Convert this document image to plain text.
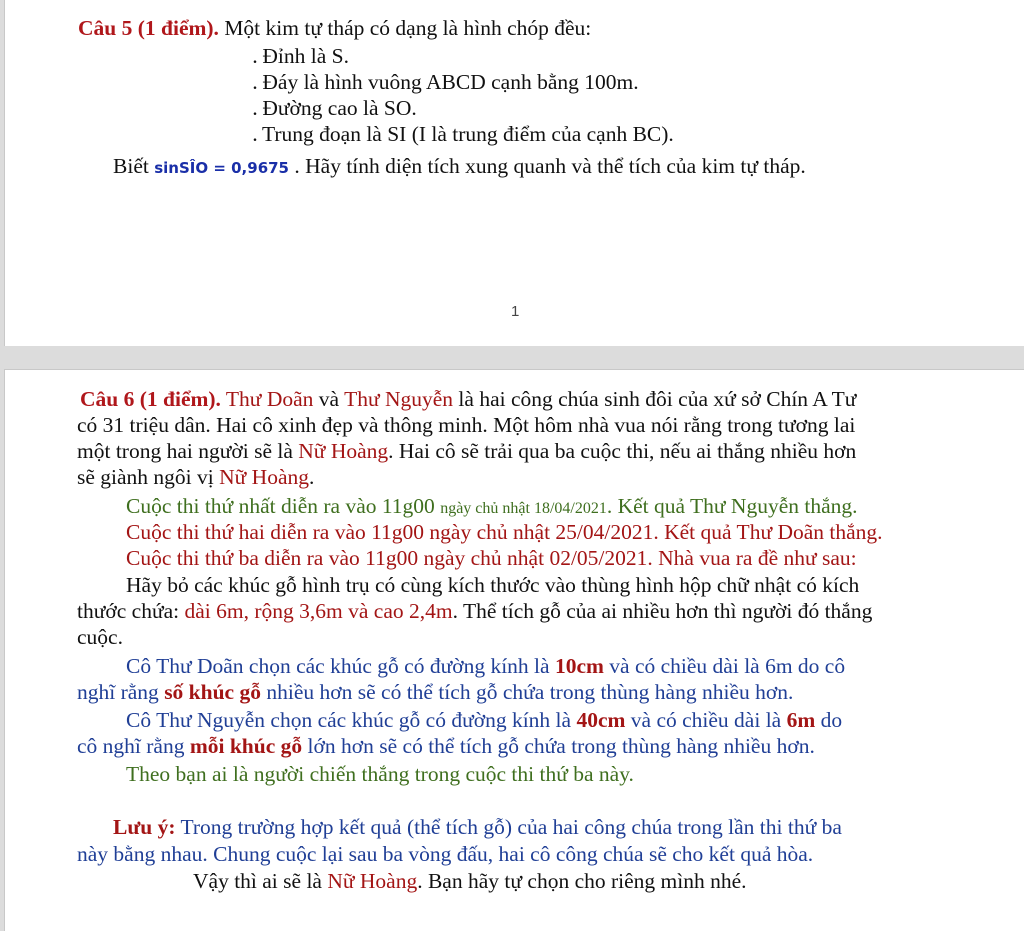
Câu 5 (1 điểm). Một kim tự tháp có dạng là hình chóp đều:
. Đỉnh là S.
. Đáy là hình vuông ABCD cạnh bằng 100m.
. Đường cao là SO.
. Trung đoạn là SI (I là trung điểm của cạnh BC).
Biết sinSÎO = 0,9675 . Hãy tính diện tích xung quanh và thể tích của kim tự tháp.
1
Câu 6 (1 điểm). Thư Doãn và Thư Nguyễn là hai công chúa sinh đôi của xứ sở Chín A Tư
có 31 triệu dân. Hai cô xinh đẹp và thông minh. Một hôm nhà vua nói rằng trong tương lai
một trong hai người sẽ là Nữ Hoàng. Hai cô sẽ trải qua ba cuộc thi, nếu ai thắng nhiều hơn
sẽ giành ngôi vị Nữ Hoàng.
Cuộc thi thứ nhất diễn ra vào 11g00 ngày chủ nhật 18/04/2021. Kết quả Thư Nguyễn thắng.
Cuộc thi thứ hai diễn ra vào 11g00 ngày chủ nhật 25/04/2021. Kết quả Thư Doãn thắng.
Cuộc thi thứ ba diễn ra vào 11g00 ngày chủ nhật 02/05/2021. Nhà vua ra đề như sau:
Hãy bỏ các khúc gỗ hình trụ có cùng kích thước vào thùng hình hộp chữ nhật có kích
thước chứa: dài 6m, rộng 3,6m và cao 2,4m. Thể tích gỗ của ai nhiều hơn thì người đó thắng
cuộc.
Cô Thư Doãn chọn các khúc gỗ có đường kính là 10cm và có chiều dài là 6m do cô
nghĩ rằng số khúc gỗ nhiều hơn sẽ có thể tích gỗ chứa trong thùng hàng nhiều hơn.
Cô Thư Nguyễn chọn các khúc gỗ có đường kính là 40cm và có chiều dài là 6m do
cô nghĩ rằng mỗi khúc gỗ lớn hơn sẽ có thể tích gỗ chứa trong thùng hàng nhiều hơn.
Theo bạn ai là người chiến thắng trong cuộc thi thứ ba này.
Lưu ý: Trong trường hợp kết quả (thể tích gỗ) của hai công chúa trong lần thi thứ ba
này bằng nhau. Chung cuộc lại sau ba vòng đấu, hai cô công chúa sẽ cho kết quả hòa.
Vậy thì ai sẽ là Nữ Hoàng. Bạn hãy tự chọn cho riêng mình nhé.
